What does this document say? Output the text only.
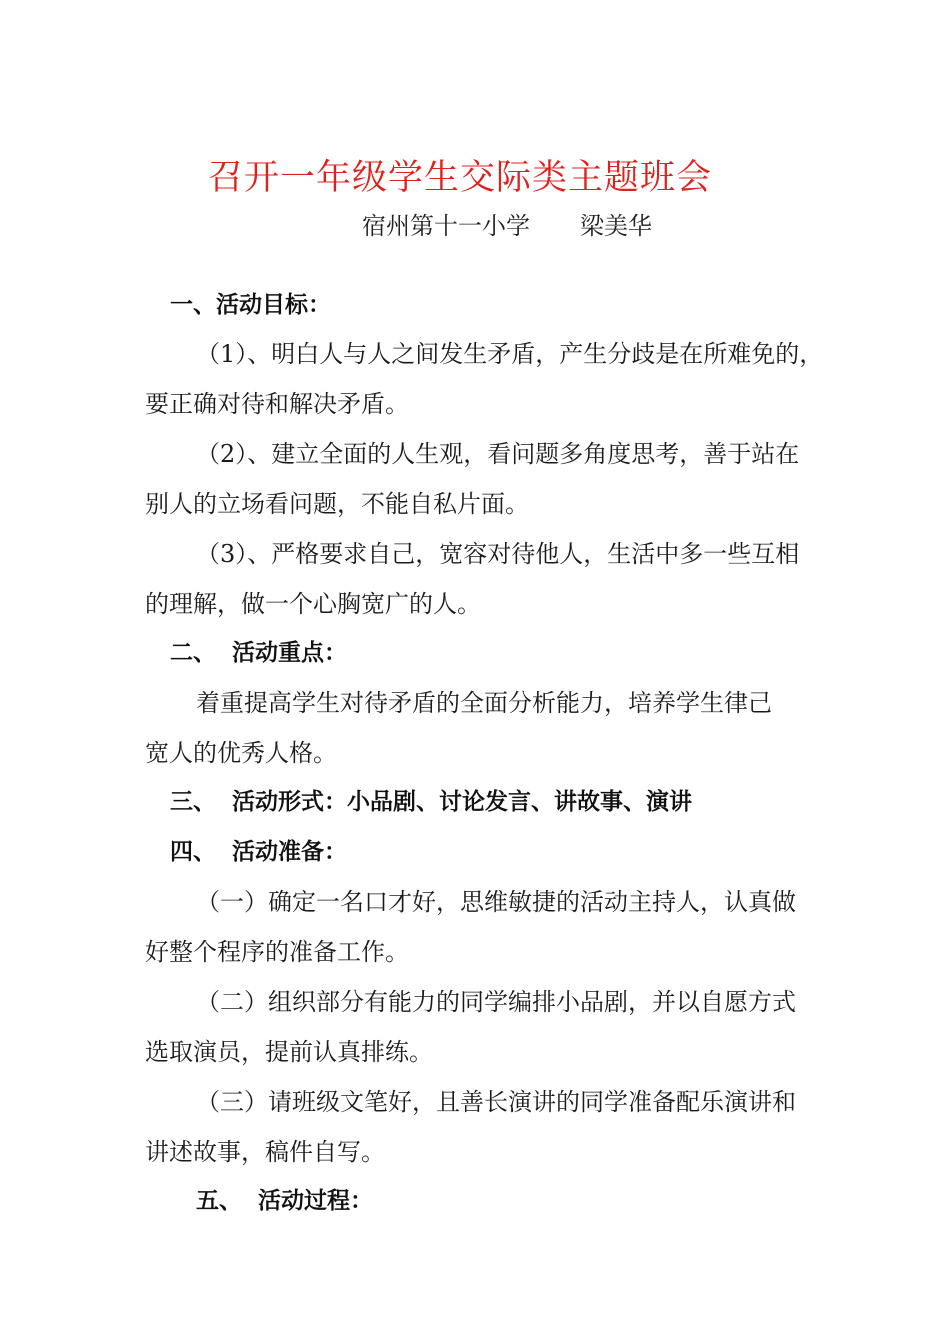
召开一年级学生交际类主题班会
宿州第十一小学 梁美华
一、活动目标：
（1）、明白人与人之间发生矛盾，产生分歧是在所难免的，
要正确对待和解决矛盾。
（2）、建立全面的人生观，看问题多角度思考，善于站在
别人的立场看问题，不能自私片面。
（3）、严格要求自己，宽容对待他人，生活中多一些互相
的理解，做一个心胸宽广的人。
二、 活动重点：
着重提高学生对待矛盾的全面分析能力，培养学生律己
宽人的优秀人格。
三、 活动形式：小品剧、讨论发言、讲故事、演讲
四、 活动准备：
（一）确定一名口才好，思维敏捷的活动主持人，认真做
好整个程序的准备工作。
（二）组织部分有能力的同学编排小品剧，并以自愿方式
选取演员，提前认真排练。
（三）请班级文笔好，且善长演讲的同学准备配乐演讲和
讲述故事，稿件自写。
五、 活动过程：
